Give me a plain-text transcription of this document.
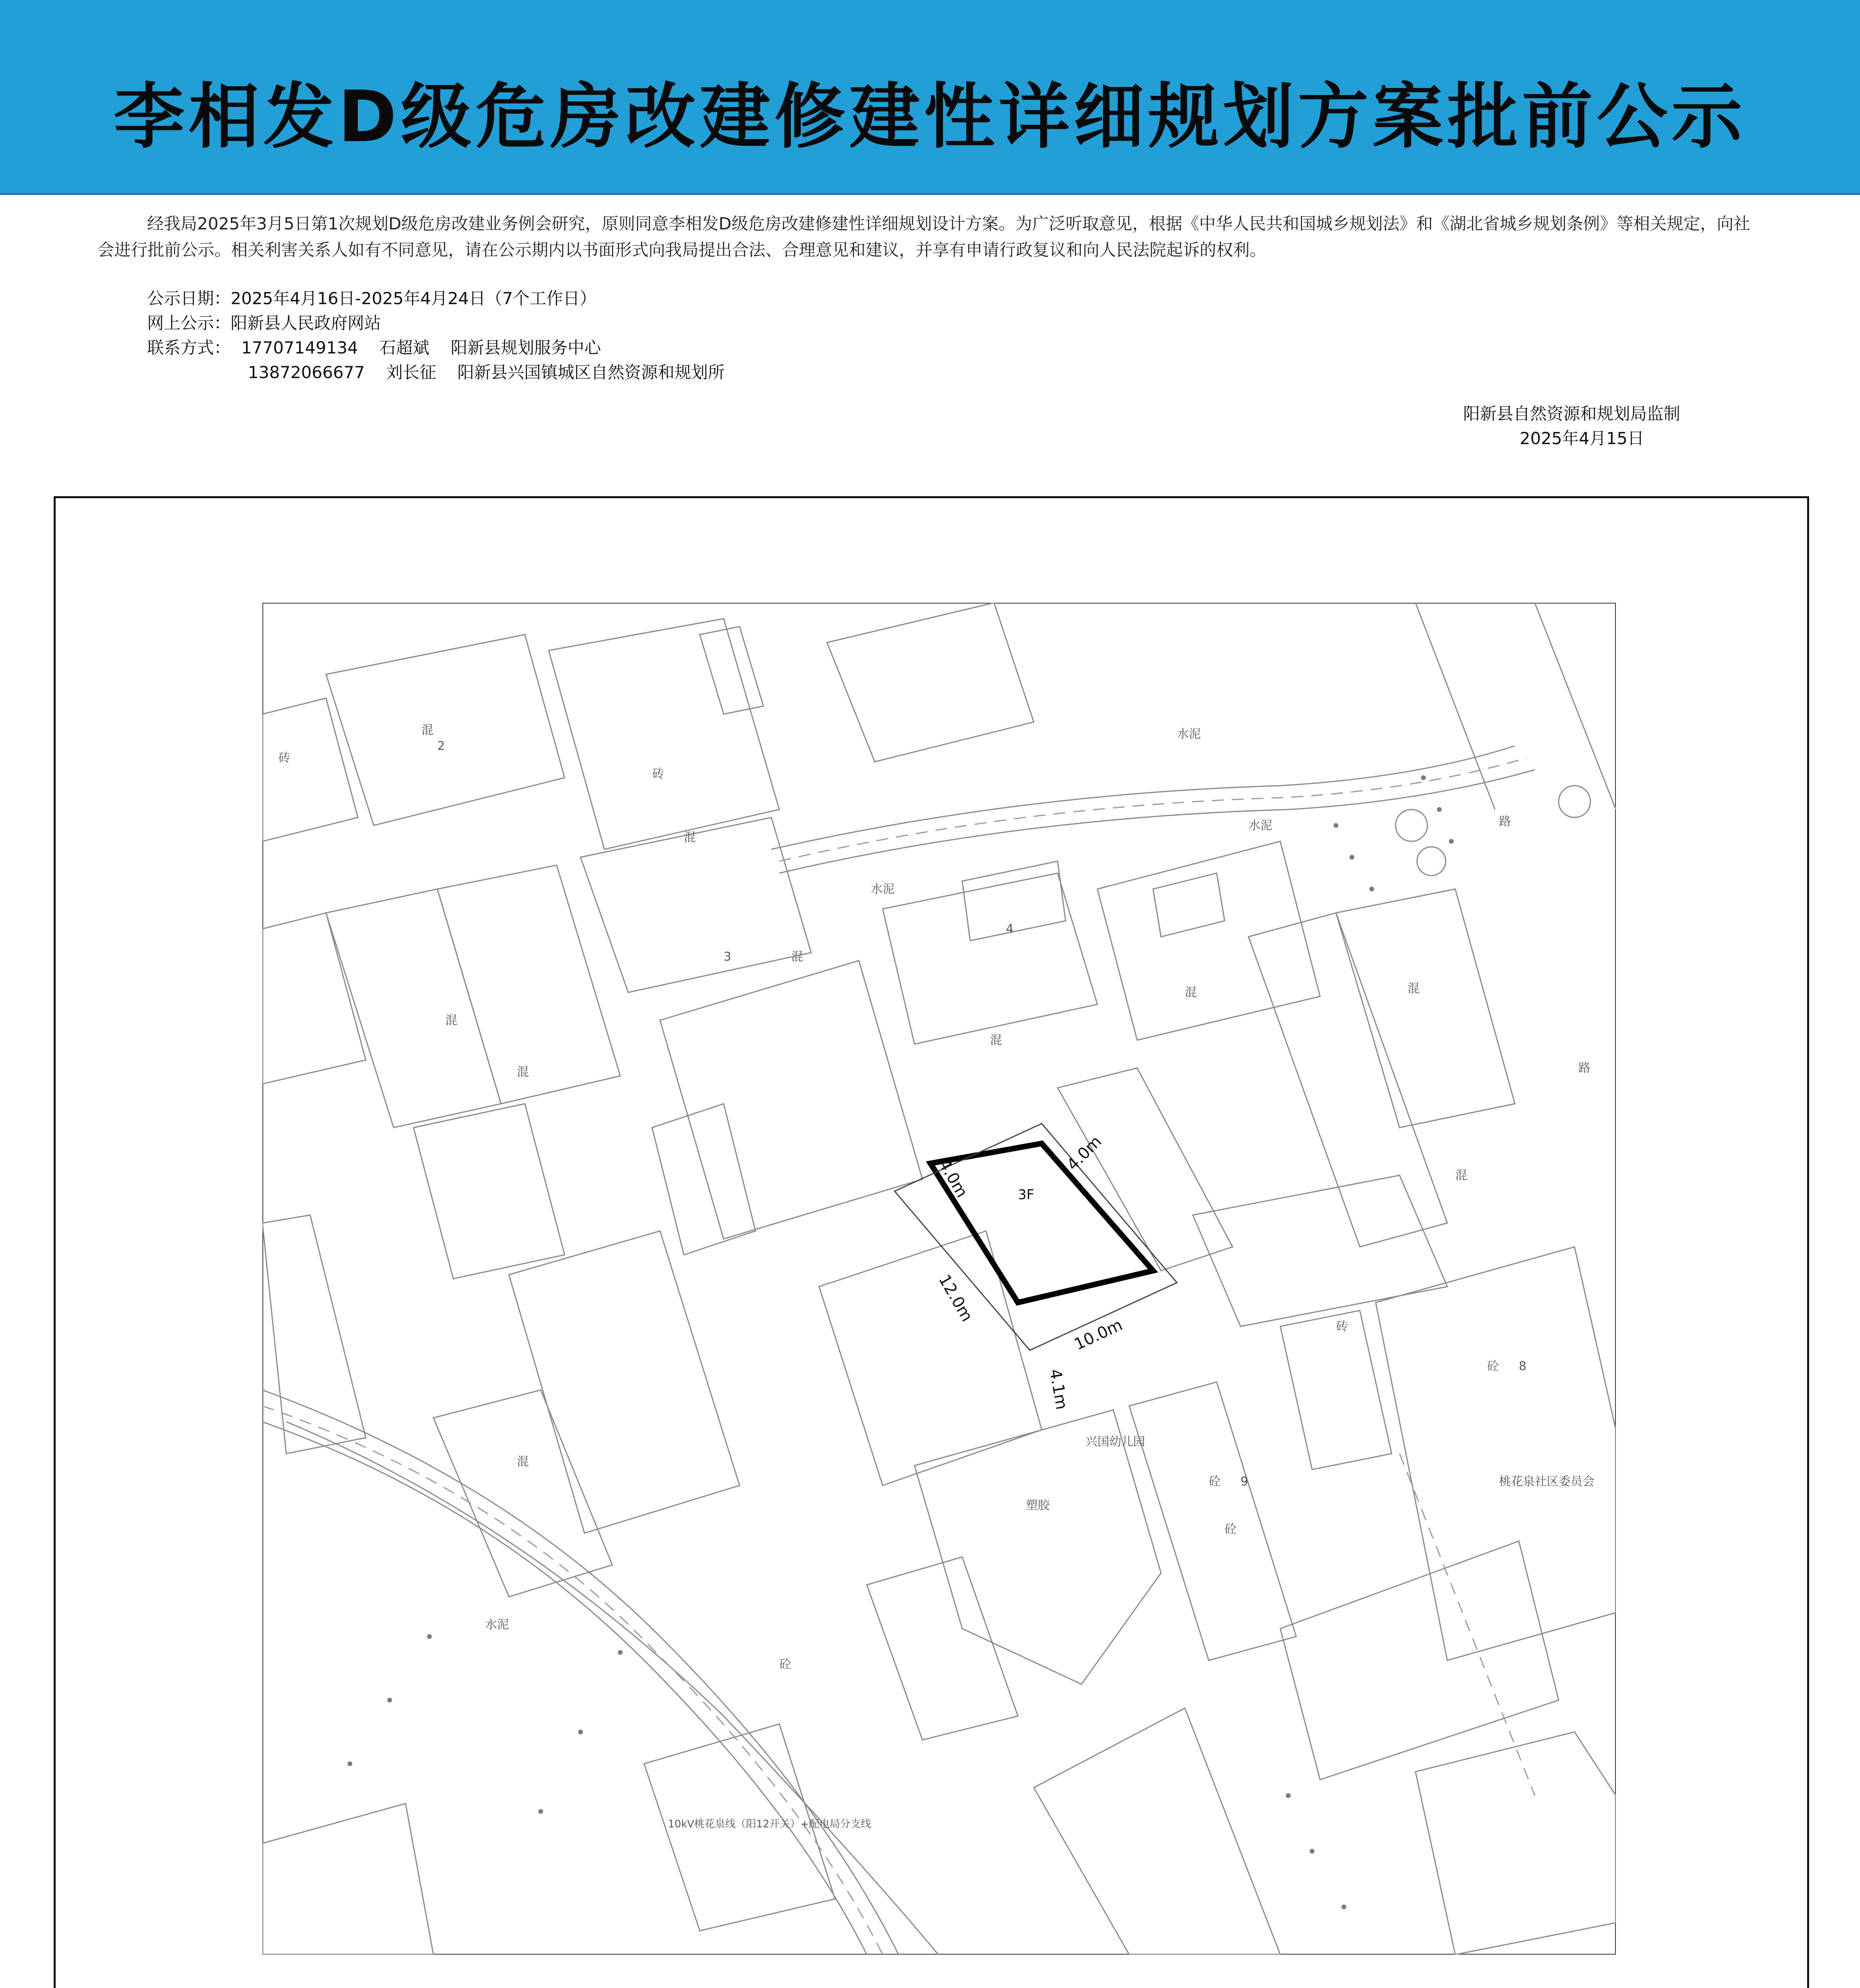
李相发D级危房改建修建性详细规划方案批前公示

经我局2025年3月5日第1次规划D级危房改建业务例会研究，原则同意李相发D级危房改建修建性详细规划设计方案。为广泛听取意见，根据《中华人民共和国城乡规划法》和《湖北省城乡规划条例》等相关规定，向社会进行批前公示。相关利害关系人如有不同意见，请在公示期内以书面形式向我局提出合法、合理意见和建议，并享有申请行政复议和向人民法院起诉的权利。

公示日期：2025年4月16日-2025年4月24日（7个工作日）
网上公示：阳新县人民政府网站
联系方式：  17707149134    石超斌    阳新县规划服务中心
13872066677    刘长征    阳新县兴国镇城区自然资源和规划所
阳新县自然资源和规划局监制
2025年4月15日
3F
4.0m
4.0m
12.0m
10.0m
4.1m
水泥
水泥
水泥
水泥
混
混
混
混
混	混
混
混
混
混
砖
砖
砖
砼
砼
砼
砼
兴国幼儿园
塑胶
桃花泉社区委员会
路
路
10kV桃花泉线（阳12开关）+配电局分支线
2
3
4
8
9
